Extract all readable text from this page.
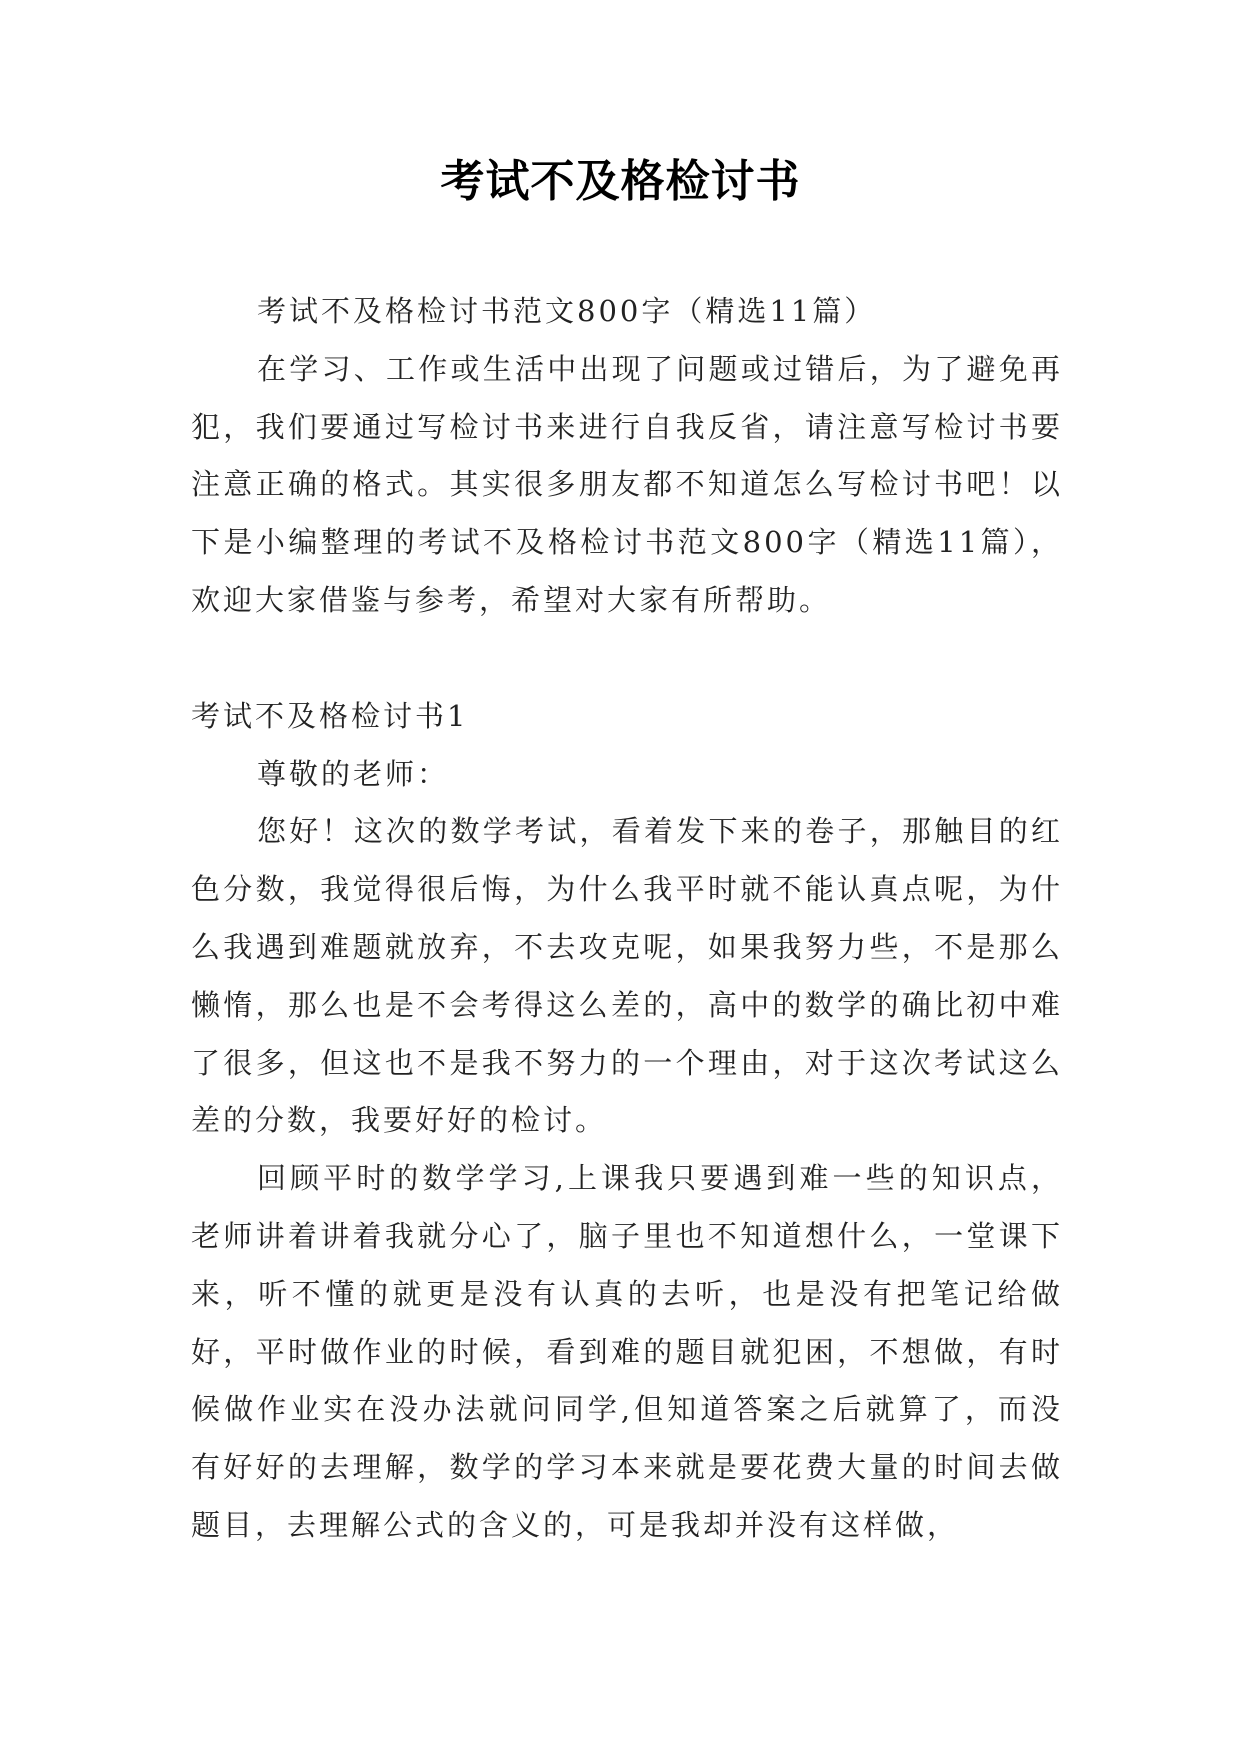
考试不及格检讨书

考试不及格检讨书范文800字（精选11篇）

在学习、工作或生活中出现了问题或过错后，为了避免再犯，我们要通过写检讨书来进行自我反省，请注意写检讨书要注意正确的格式。其实很多朋友都不知道怎么写检讨书吧！以下是小编整理的考试不及格检讨书范文800字（精选11篇），欢迎大家借鉴与参考，希望对大家有所帮助。

考试不及格检讨书1

尊敬的老师：

您好！这次的数学考试，看着发下来的卷子，那触目的红色分数，我觉得很后悔，为什么我平时就不能认真点呢，为什么我遇到难题就放弃，不去攻克呢，如果我努力些，不是那么懒惰，那么也是不会考得这么差的，高中的数学的确比初中难了很多，但这也不是我不努力的一个理由，对于这次考试这么差的分数，我要好好的检讨。

回顾平时的数学学习,上课我只要遇到难一些的知识点，老师讲着讲着我就分心了，脑子里也不知道想什么，一堂课下来，听不懂的就更是没有认真的去听，也是没有把笔记给做好，平时做作业的时候，看到难的题目就犯困，不想做，有时候做作业实在没办法就问同学,但知道答案之后就算了，而没有好好的去理解，数学的学习本来就是要花费大量的时间去做题目，去理解公式的含义的，可是我却并没有这样做，
